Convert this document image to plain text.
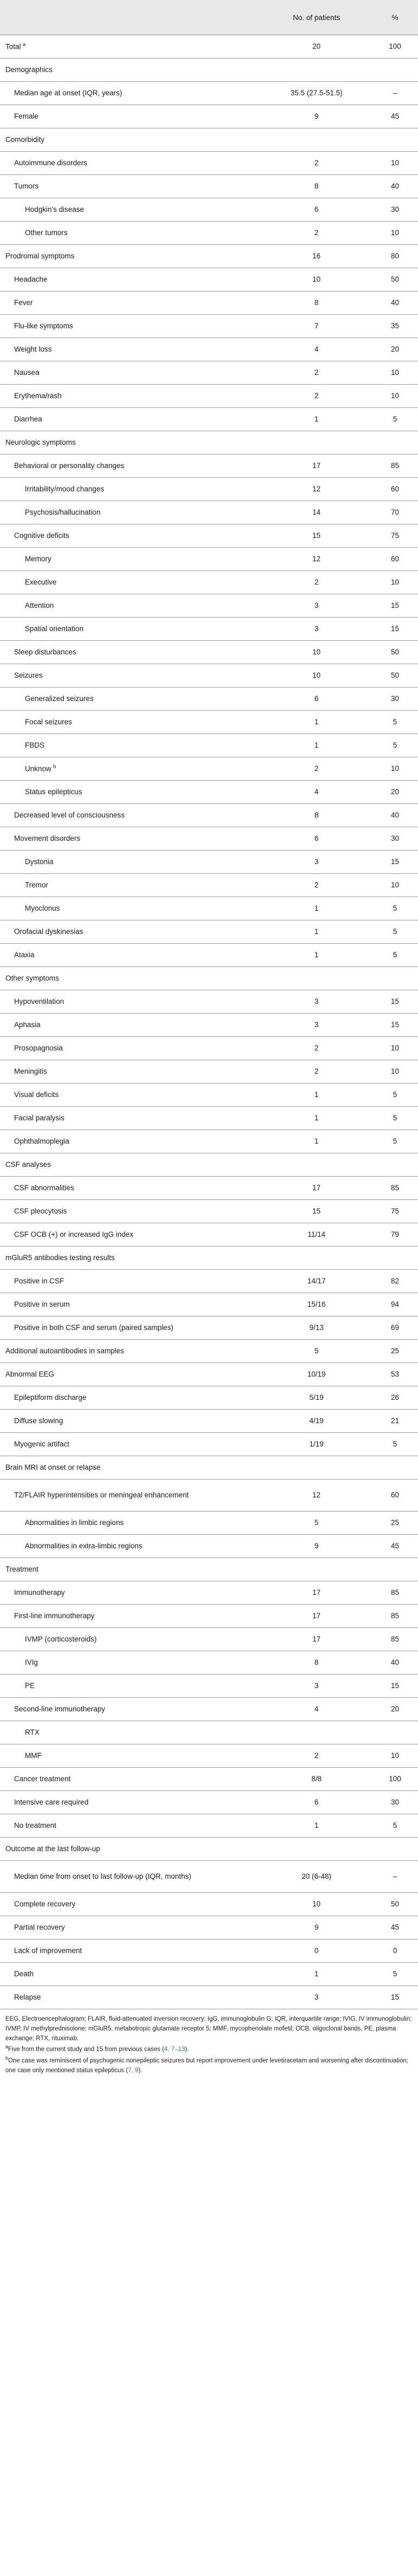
	No. of patients	%
Total $^a$	20	100
Demographics		
Median age at onset (IQR, years)	35.5 (27.5-51.5)	–
Female	9	45
Comorbidity		
Autoimmune disorders	2	10
Tumors	8	40
Hodgkin's disease	6	30
Other tumors	2	10
Prodromal symptoms	16	80
Headache	10	50
Fever	8	40
Flu-like symptoms	7	35
Weight loss	4	20
Nausea	2	10
Erythema/rash	2	10
Diarrhea	1	5
Neurologic symptoms		
Behavioral or personality changes	17	85
Irritability/mood changes	12	60
Psychosis/hallucination	14	70
Cognitive deficits	15	75
Memory	12	60
Executive	2	10
Attention	3	15
Spatial orientation	3	15
Sleep disturbances	10	50
Seizures	10	50
Generalized seizures	6	30
Focal seizures	1	5
FBDS	1	5
Unknow $^b$	2	10
Status epilepticus	4	20
Decreased level of consciousness	8	40
Movement disorders	6	30
Dystonia	3	15
Tremor	2	10
Myoclonus	1	5
Orofacial dyskinesias	1	5
Ataxia	1	5
Other symptoms		
Hypoventilation	3	15
Aphasia	3	15
Prosopagnosia	2	10
Meningitis	2	10
Visual deficits	1	5
Facial paralysis	1	5
Ophthalmoplegia	1	5
CSF analyses		
CSF abnormalities	17	85
CSF pleocytosis	15	75
CSF OCB (+) or increased IgG index	11/14	79
mGluR5 antibodies testing results		
Positive in CSF	14/17	82
Positive in serum	15/16	94
Positive in both CSF and serum (paired samples)	9/13	69
Additional autoantibodies in samples	5	25
Abnormal EEG	10/19	53
Epileptiform discharge	5/19	26
Diffuse slowing	4/19	21
Myogenic artifact	1/19	5
Brain MRI at onset or relapse		
T2/FLAIR hyperintensities or meningeal enhancement	12	60
Abnormalities in limbic regions	5	25
Abnormalities in extra-limbic regions	9	45
Treatment		
Immunotherapy	17	85
First-line immunotherapy	17	85
IVMP (corticosteroids)	17	85
IVIg	8	40
PE	3	15
Second-line immunotherapy	4	20
RTX		
MMF	2	10
Cancer treatment	8/8	100
Intensive care required	6	30
No treatment	1	5
Outcome at the last follow-up		
Median time from onset to last follow-up (IQR, months)	20 (6-48)	–
Complete recovery	10	50
Partial recovery	9	45
Lack of improvement	0	0
Death	1	5
Relapse	3	15

EEG, Electroencephalogram; FLAIR, fluid-attenuated inversion recovery; IgG, immunoglobulin G; IQR, interquartile range; IVIG, IV immunoglobulin; IVMP, IV methylprednisolone; mGluR5, metabotropic glutamate receptor 5; MMF, mycophenolate mofetil; OCB, oligoclonal bands, PE, plasma exchange; RTX, rituximab.

$^a$Five from the current study and 15 from previous cases (4, 7–13).

$^b$One case was reminiscent of psychogenic nonepileptic seizures but report improvement under levetiracetam and worsening after discontinuation; one case only mentioned status epilepticus (7, 9).
